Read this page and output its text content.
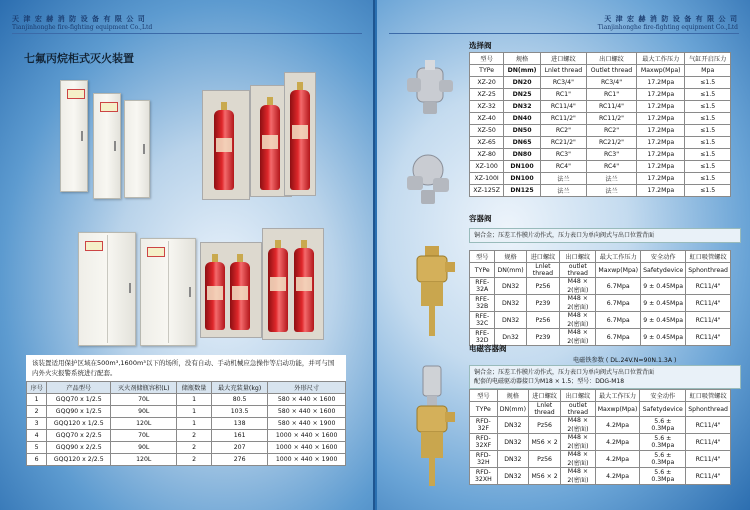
天 津 宏 赫 消 防 设 备 有 限 公 司
Tianjinhonghe fire-fighting equipment Co.,Ltd
七氟丙烷柜式灭火装置
该装置适用保护区域在500m³,1600m³以下的场所，没有自动、手动机械应急操作等启动功能，并可与国内外火灾报警系统进行配套。
序号	产品型号	灭火剂储瓶容积(L)	储瓶数量	最大充装量(kg)	外形尺寸
1	GQQ70 x 1/2.5	70L	1	80.5	580 × 440 × 1600
2	GQQ90 x 1/2.5	90L	1	103.5	580 × 440 × 1600
3	GQQ120 x 1/2.5	120L	1	138	580 × 440 × 1900
4	GQQ70 x 2/2.5	70L	2	161	1000 × 440 × 1600
5	GQQ90 x 2/2.5	90L	2	207	1000 × 440 × 1600
6	GQQ120 x 2/2.5	120L	2	276	1000 × 440 × 1900
天 津 宏 赫 消 防 设 备 有 限 公 司
Tianjinhonghe fire-fighting equipment Co.,Ltd
选择阀
型号	规格	进口螺纹	出口螺纹	最大工作压力	气缸开启压力
TYPe	DN(mm)	Lnlet thread	Outlet thread	Maxwp(Mpa)	Mpa
XZ-20	DN20	RC3/4"	RC3/4"	17.2Mpa	≤1.5
XZ-25	DN25	RC1"	RC1"	17.2Mpa	≤1.5
XZ-32	DN32	RC11/4"	RC11/4"	17.2Mpa	≤1.5
XZ-40	DN40	RC11/2"	RC11/2"	17.2Mpa	≤1.5
XZ-50	DN50	RC2"	RC2"	17.2Mpa	≤1.5
XZ-65	DN65	RC21/2"	RC21/2"	17.2Mpa	≤1.5
XZ-80	DN80	RC3"	RC3"	17.2Mpa	≤1.5
XZ-100	DN100	RC4"	RC4"	17.2Mpa	≤1.5
XZ-100I	DN100	法兰	法兰	17.2Mpa	≤1.5
XZ-125Z	DN125	法兰	法兰	17.2Mpa	≤1.5
容器阀
铜合金；压差工作膜片动作式，压力表口为单向阀式与出口位置背面
型号	规格	进口螺纹	出口螺纹	最大工作压力	安全动作	虹口吸管螺纹
TYPe	DN(mm)	Lnlet thread	outlet thread	Maxwp(Mpa)	Safetydevice	Sphonthread
RFE-32A	DN32	Pz56	M48 × 2(密面)	6.7Mpa	9 ± 0.45Mpa	RC11/4"
RFE-32B	DN32	Pz39	M48 × 2(密面)	6.7Mpa	9 ± 0.45Mpa	RC11/4"
RFE-32C	DN32	Pz56	M48 × 2(密面)	6.7Mpa	9 ± 0.45Mpa	RC11/4"
RFE-32D	Dn32	Pz39	M48 × 2(密面)	6.7Mpa	9 ± 0.45Mpa	RC11/4"
电磁容器阀
电磁铁参数 ( DL.24V.N=90N.1.3A )
铜合金；压差工作膜片动作式，压力表口为单向阀式与出口位置背面
配套的电磁驱动器接口为M18 × 1.5；型号：DDG-M18
型号	规格	进口螺纹	出口螺纹	最大工作压力	安全动作	虹口吸管螺纹
TYPe	DN(mm)	Lnlet thread	outlet thread	Maxwp(Mpa)	Safetydevice	Sphonthread
RFD-32F	DN32	Pz56	M48 × 2(密面)	4.2Mpa	5.6 ± 0.3Mpa	RC11/4"
RFD-32XF	DN32	M56 × 2	M48 × 2(密面)	4.2Mpa	5.6 ± 0.3Mpa	RC11/4"
RFD-32H	DN32	Pz56	M48 × 2(密面)	4.2Mpa	5.6 ± 0.3Mpa	RC11/4"
RFD-32XH	DN32	M56 × 2	M48 × 2(密面)	4.2Mpa	5.6 ± 0.3Mpa	RC11/4"
